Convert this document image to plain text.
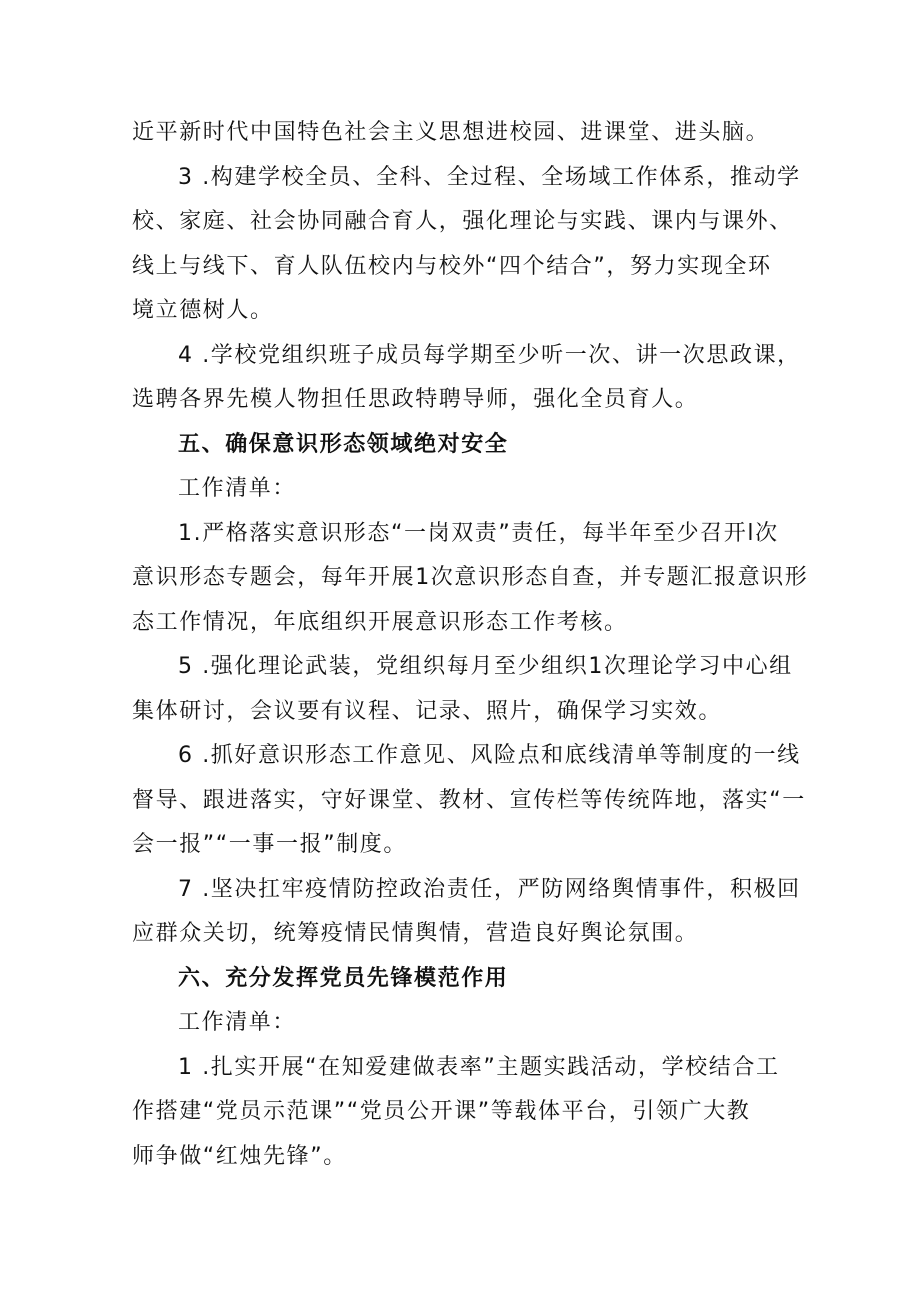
近平新时代中国特色社会主义思想进校园、进课堂、进头脑。

3 .构建学校全员、全科、全过程、全场域工作体系，推动学

校、家庭、社会协同融合育人，强化理论与实践、课内与课外、

线上与线下、育人队伍校内与校外“四个结合”，努力实现全环

境立德树人。

4 .学校党组织班子成员每学期至少听一次、讲一次思政课，

选聘各界先模人物担任思政特聘导师，强化全员育人。

五、确保意识形态领域绝对安全

工作清单：

1.严格落实意识形态“一岗双责”责任，每半年至少召开l次

意识形态专题会，每年开展1次意识形态自查，并专题汇报意识形

态工作情况，年底组织开展意识形态工作考核。

5 .强化理论武装，党组织每月至少组织1次理论学习中心组

集体研讨，会议要有议程、记录、照片，确保学习实效。

6 .抓好意识形态工作意见、风险点和底线清单等制度的一线

督导、跟进落实，守好课堂、教材、宣传栏等传统阵地，落实“一

会一报”“一事一报”制度。

7 .坚决扛牢疫情防控政治责任，严防网络舆情事件，积极回

应群众关切，统筹疫情民情舆情，营造良好舆论氛围。

六、充分发挥党员先锋模范作用

工作清单：

1 .扎实开展“在知爱建做表率”主题实践活动，学校结合工

作搭建“党员示范课”“党员公开课”等载体平台，引领广大教

师争做“红烛先锋”。
